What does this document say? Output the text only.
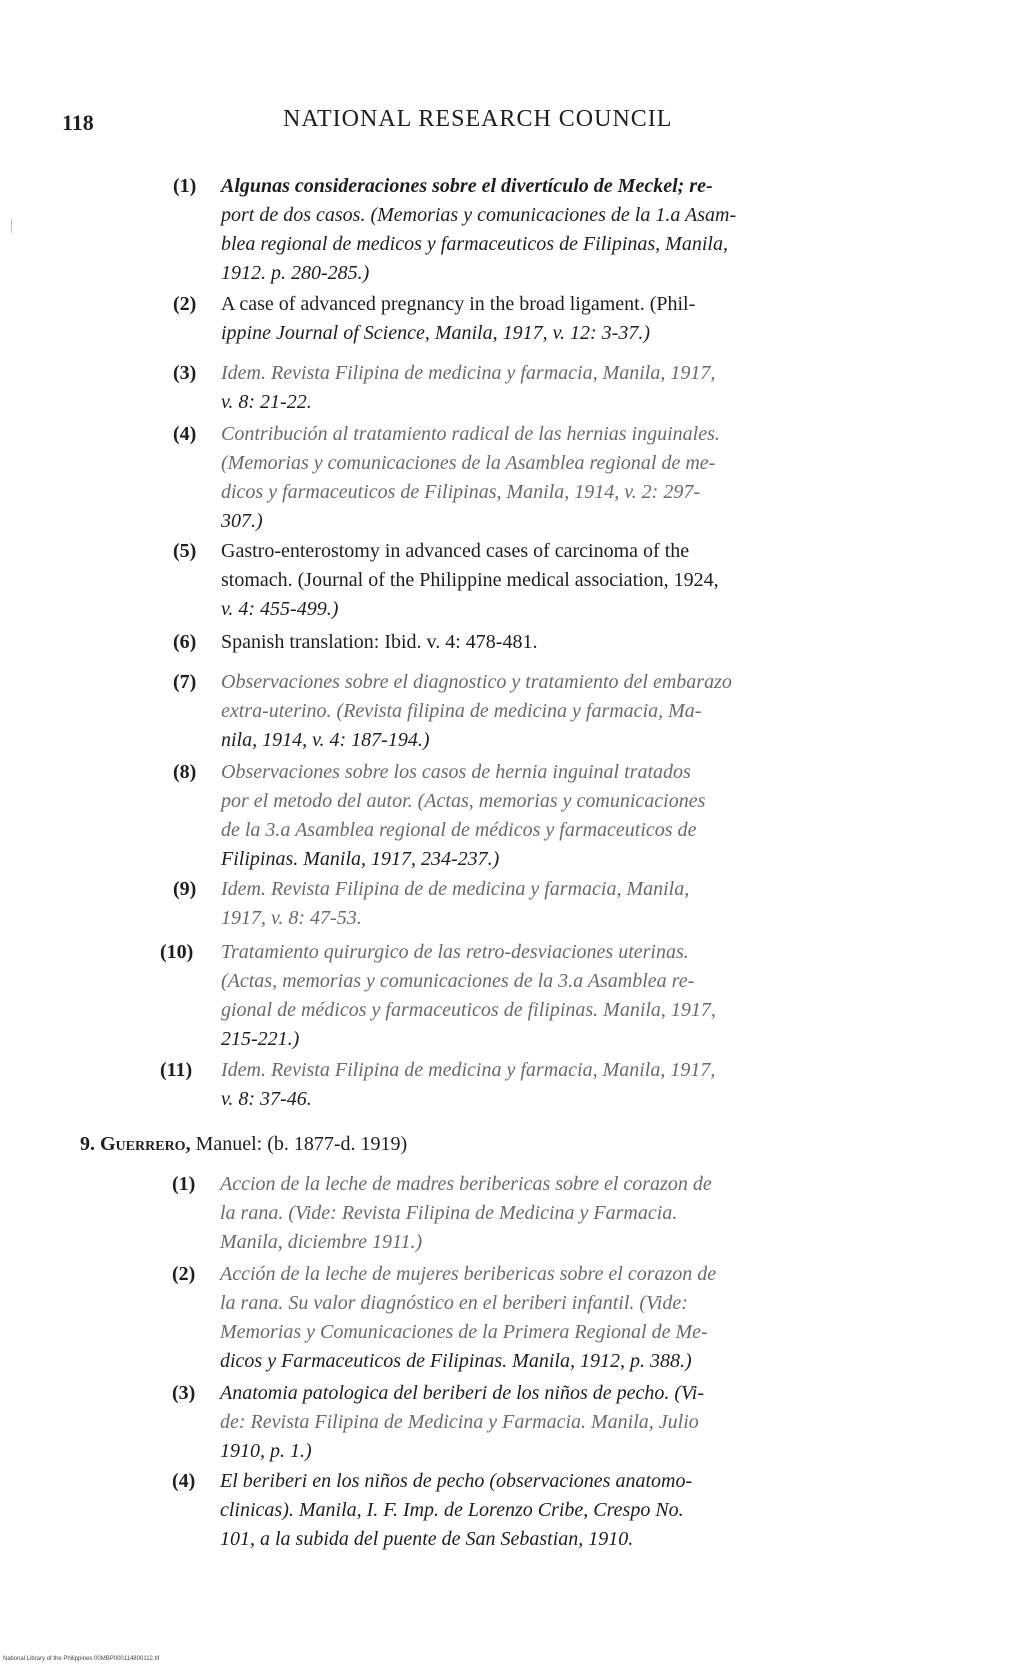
118	NATIONAL RESEARCH COUNCIL
(1) Algunas consideraciones sobre el divertículo de Meckel; re-
port de dos casos. (Memorias y comunicaciones de la 1.a Asam-
blea regional de medicos y farmaceuticos de Filipinas, Manila,
1912. p. 280-285.)
(2) A case of advanced pregnancy in the broad ligament. (Phil-
ippine Journal of Science, Manila, 1917, v. 12: 3-37.)
(3) Idem. Revista Filipina de medicina y farmacia, Manila, 1917,
v. 8: 21-22.
(4) Contribución al tratamiento radical de las hernias inguinales.
(Memorias y comunicaciones de la Asamblea regional de me-
dicos y farmaceuticos de Filipinas, Manila, 1914, v. 2: 297-
307.)
(5) Gastro-enterostomy in advanced cases of carcinoma of the
stomach. (Journal of the Philippine medical association, 1924,
v. 4: 455-499.)
(6) Spanish translation: Ibid. v. 4: 478-481.
(7) Observaciones sobre el diagnostico y tratamiento del embarazo
extra-uterino. (Revista filipina de medicina y farmacia, Ma-
nila, 1914, v. 4: 187-194.)
(8) Observaciones sobre los casos de hernia inguinal tratados
por el metodo del autor. (Actas, memorias y comunicaciones
de la 3.a Asamblea regional de médicos y farmaceuticos de
Filipinas. Manila, 1917, 234-237.)
(9) Idem. Revista Filipina de de medicina y farmacia, Manila,
1917, v. 8: 47-53.
(10) Tratamiento quirurgico de las retro-desviaciones uterinas.
(Actas, memorias y comunicaciones de la 3.a Asamblea re-
gional de médicos y farmaceuticos de filipinas. Manila, 1917,
215-221.)
(11) Idem. Revista Filipina de medicina y farmacia, Manila, 1917,
v. 8: 37-46.
9. Guerrero, Manuel: (b. 1877-d. 1919)
(1) Accion de la leche de madres beribericas sobre el corazon de
la rana. (Vide: Revista Filipina de Medicina y Farmacia.
Manila, diciembre 1911.)
(2) Acción de la leche de mujeres beribericas sobre el corazon de
la rana. Su valor diagnóstico en el beriberi infantil. (Vide:
Memorias y Comunicaciones de la Primera Regional de Me-
dicos y Farmaceuticos de Filipinas. Manila, 1912, p. 388.)
(3) Anatomia patologica del beriberi de los niños de pecho. (Vi-
de: Revista Filipina de Medicina y Farmacia. Manila, Julio
1910, p. 1.)
(4) El beriberi en los niños de pecho (observaciones anatomo-
clinicas). Manila, I. F. Imp. de Lorenzo Cribe, Crespo No.
101, a la subida del puente de San Sebastian, 1910.
National Library of the Philippines 00MBP000114800112.tif
